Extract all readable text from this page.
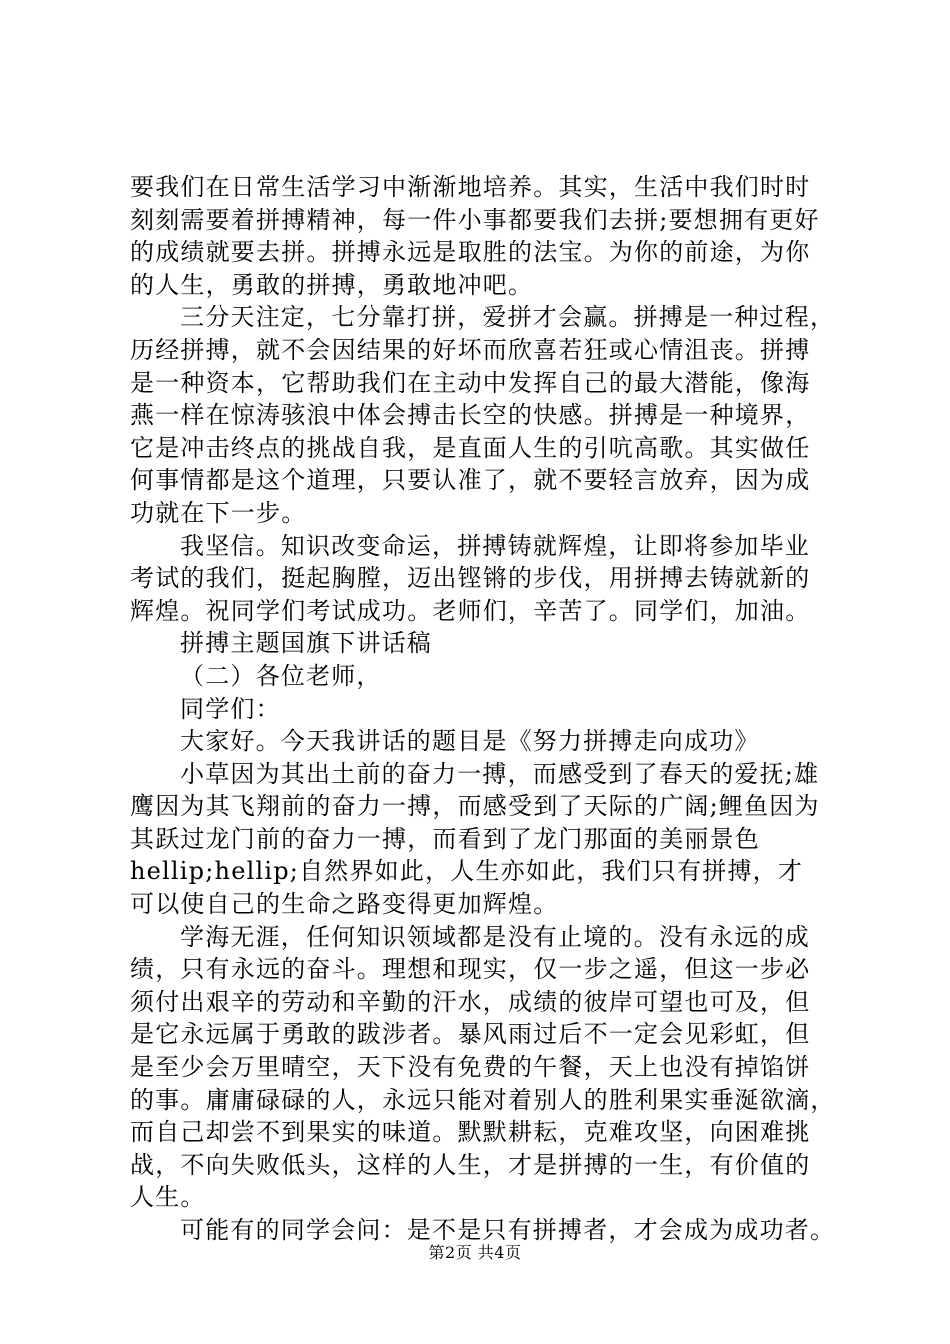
要我们在日常生活学习中渐渐地培养。其实，生活中我们时时
刻刻需要着拼搏精神，每一件小事都要我们去拼;要想拥有更好
的成绩就要去拼。拼搏永远是取胜的法宝。为你的前途，为你
的人生，勇敢的拼搏，勇敢地冲吧。
三分天注定，七分靠打拼，爱拼才会赢。拼搏是一种过程，
历经拼搏，就不会因结果的好坏而欣喜若狂或心情沮丧。拼搏
是一种资本，它帮助我们在主动中发挥自己的最大潜能，像海
燕一样在惊涛骇浪中体会搏击长空的快感。拼搏是一种境界，
它是冲击终点的挑战自我，是直面人生的引吭高歌。其实做任
何事情都是这个道理，只要认准了，就不要轻言放弃，因为成
功就在下一步。
我坚信。知识改变命运，拼搏铸就辉煌，让即将参加毕业
考试的我们，挺起胸膛，迈出铿锵的步伐，用拼搏去铸就新的
辉煌。祝同学们考试成功。老师们，辛苦了。同学们，加油。
拼搏主题国旗下讲话稿
（二）各位老师，
同学们：
大家好。今天我讲话的题目是《努力拼搏走向成功》
小草因为其出土前的奋力一搏，而感受到了春天的爱抚;雄
鹰因为其飞翔前的奋力一搏，而感受到了天际的广阔;鲤鱼因为
其跃过龙门前的奋力一搏，而看到了龙门那面的美丽景色
hellip;hellip;自然界如此，人生亦如此，我们只有拼搏，才
可以使自己的生命之路变得更加辉煌。
学海无涯，任何知识领域都是没有止境的。没有永远的成
绩，只有永远的奋斗。理想和现实，仅一步之遥，但这一步必
须付出艰辛的劳动和辛勤的汗水，成绩的彼岸可望也可及，但
是它永远属于勇敢的跋涉者。暴风雨过后不一定会见彩虹，但
是至少会万里晴空，天下没有免费的午餐，天上也没有掉馅饼
的事。庸庸碌碌的人，永远只能对着别人的胜利果实垂涎欲滴，
而自己却尝不到果实的味道。默默耕耘，克难攻坚，向困难挑
战，不向失败低头，这样的人生，才是拼搏的一生，有价值的
人生。
可能有的同学会问：是不是只有拼搏者，才会成为成功者。
第2页 共4页
